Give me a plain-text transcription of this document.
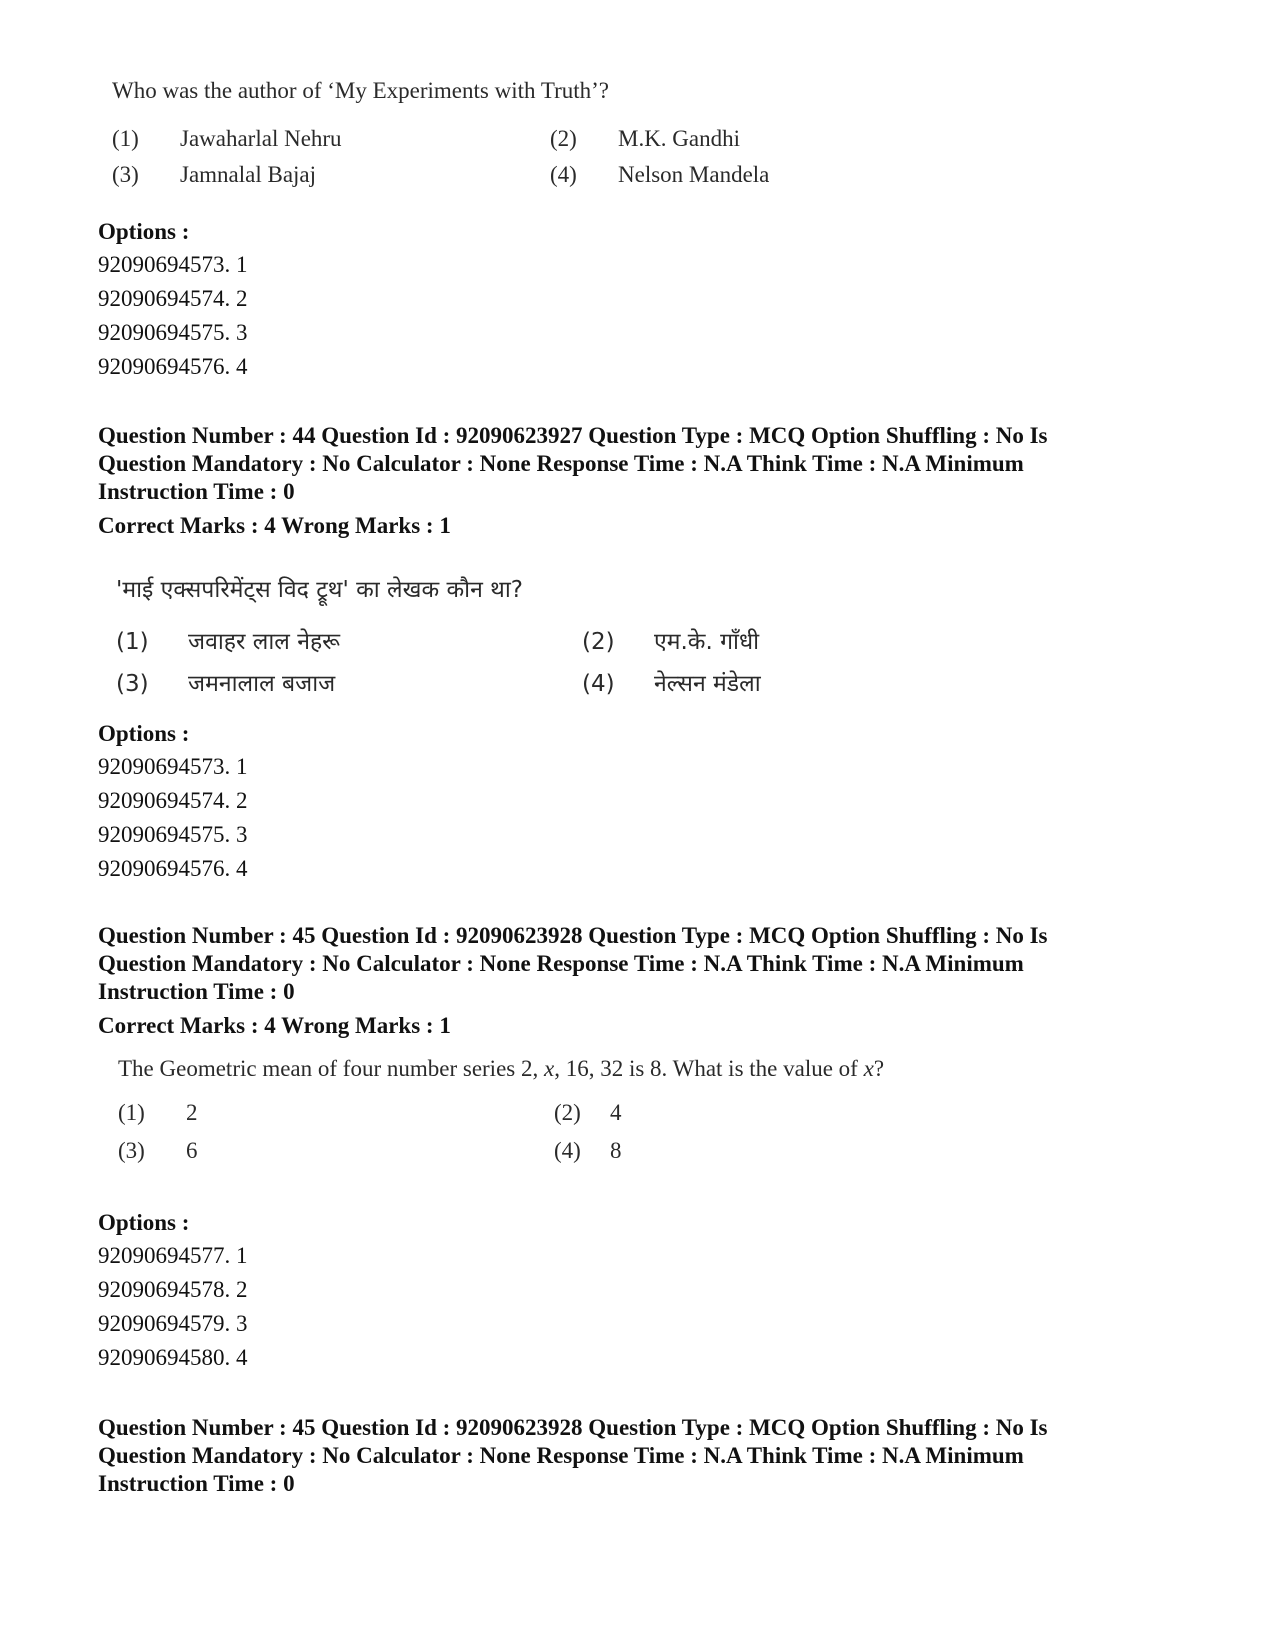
Who was the author of ‘My Experiments with Truth’?
(1) Jawaharlal Nehru	(2) M.K. Gandhi
(3) Jamnalal Bajaj	(4) Nelson Mandela
Options :
92090694573. 1
92090694574. 2
92090694575. 3
92090694576. 4
Question Number : 44 Question Id : 92090623927 Question Type : MCQ Option Shuffling : No Is
Question Mandatory : No Calculator : None Response Time : N.A Think Time : N.A Minimum
Instruction Time : 0
Correct Marks : 4 Wrong Marks : 1
'माई एक्सपरिमेंट्स विद ट्रूथ' का लेखक कौन था?
(1) जवाहर लाल नेहरू	(2) एम.के. गाँधी
(3) जमनालाल बजाज	(4) नेल्सन मंडेला
Options :
92090694573. 1
92090694574. 2
92090694575. 3
92090694576. 4
Question Number : 45 Question Id : 92090623928 Question Type : MCQ Option Shuffling : No Is
Question Mandatory : No Calculator : None Response Time : N.A Think Time : N.A Minimum
Instruction Time : 0
Correct Marks : 4 Wrong Marks : 1
The Geometric mean of four number series 2, x, 16, 32 is 8. What is the value of x?
(1) 2	(2) 4
(3) 6	(4) 8
Options :
92090694577. 1
92090694578. 2
92090694579. 3
92090694580. 4
Question Number : 45 Question Id : 92090623928 Question Type : MCQ Option Shuffling : No Is
Question Mandatory : No Calculator : None Response Time : N.A Think Time : N.A Minimum
Instruction Time : 0
